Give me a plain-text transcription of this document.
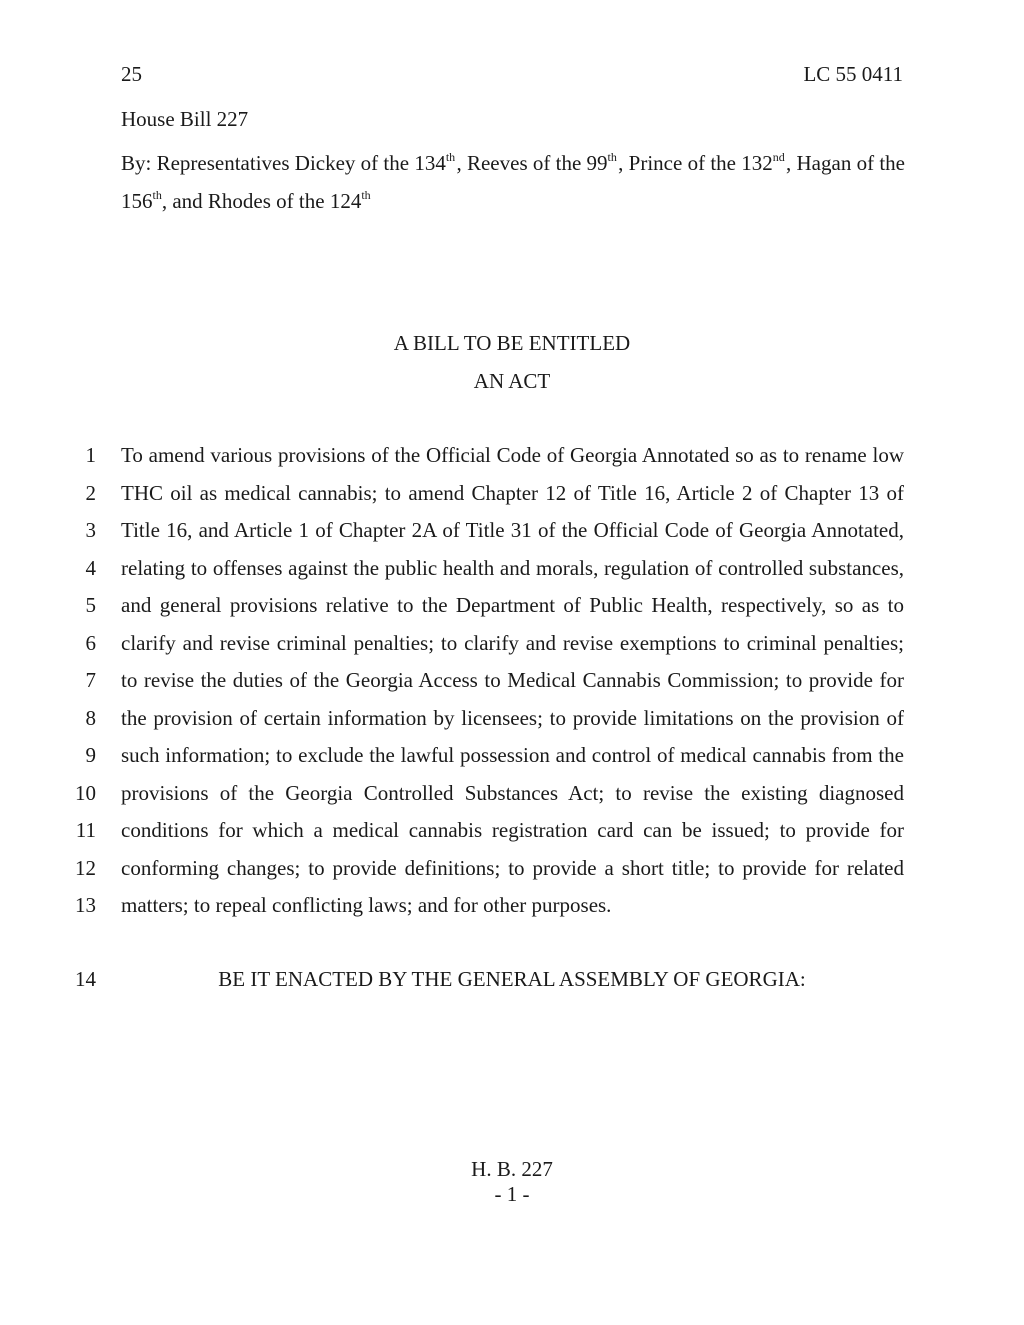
25	LC 55 0411
House Bill 227

By: Representatives Dickey of the 134th , Reeves of the 99th , Prince of the 132nd , Hagan of the

156th, and Rhodes of the 124th

A BILL TO BE ENTITLED
AN ACT
1 To amend various provisions of the Official Code of Georgia Annotated so as to rename low
2 THC oil as medical cannabis; to amend Chapter 12 of Title 16, Article 2 of Chapter 13 of
3 Title 16, and Article 1 of Chapter 2A of Title 31 of the Official Code of Georgia Annotated,
4 relating to offenses against the public health and morals, regulation of controlled substances,
5 and general provisions relative to the Department of Public Health, respectively, so as to
6 clarify and revise criminal penalties; to clarify and revise exemptions to criminal penalties;
7 to revise the duties of the Georgia Access to Medical Cannabis Commission; to provide for
8 the provision of certain information by licensees; to provide limitations on the provision of
9 such information; to exclude the lawful possession and control of medical cannabis from the
10 provisions of the Georgia Controlled Substances Act; to revise the existing diagnosed
11 conditions for which a medical cannabis registration card can be issued; to provide for
12 conforming changes; to provide definitions; to provide a short title; to provide for related
13 matters; to repeal conflicting laws; and for other purposes.
14	BE IT ENACTED BY THE GENERAL ASSEMBLY OF GEORGIA:
H. B. 227
- 1 -
